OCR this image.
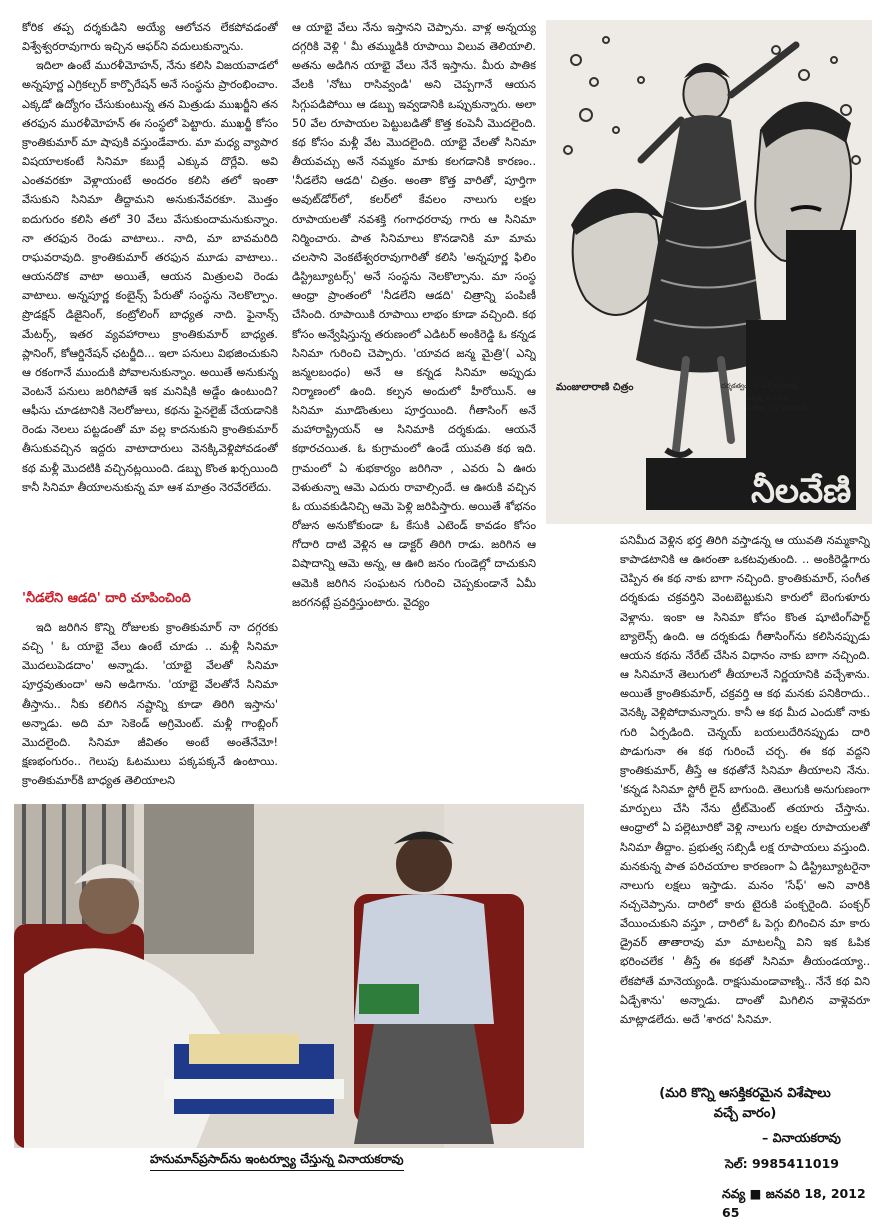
కోరిక తప్ప దర్శకుడిని అయ్యే ఆలోచన లేకపోవడంతో విశ్వేశ్వరరావుగారు ఇచ్చిన ఆఫర్‌ని వదులుకున్నాను.

ఇదిలా ఉంటే మురళీమోహన్, నేను కలిసి విజయవాడలో అన్నపూర్ణ ఎగ్రికల్చర్ కార్పొరేషన్ అనే సంస్థను ప్రారంభించాం. ఎక్కడో ఉద్యోగం చేసుకుంటున్న తన మిత్రుడు ముఖర్జీని తన తరఫున మురళీమోహన్ ఈ సంస్థలో పెట్టారు. ముఖర్జీ కోసం క్రాంతికుమార్ మా షాపుకి వస్తుండేవారు. మా మధ్య వ్యాపార విషయాలకంటే సినిమా కబుర్లే ఎక్కువ దొర్లేవి. అవి ఎంతవరకూ వెళ్లాయంటే అందరం కలిసి తలో ఇంతా వేసుకుని సినిమా తీద్దామని అనుకునేవరకూ. మొత్తం ఐదుగురం కలిసి తలో 30 వేలు వేసుకుందామనుకున్నాం. నా తరఫున రెండు వాటాలు.. నాది, మా బావమరిది రాఘవరావుది. క్రాంతికుమార్ తరఫున మూడు వాటాలు.. ఆయనదొక వాటా అయితే, ఆయన మిత్రులవి రెండు వాటాలు. అన్నపూర్ణ కంబైన్స్ పేరుతో సంస్థను నెలకొల్పాం. ప్రొడక్షన్ డిజైనింగ్, కంట్రోలింగ్ బాధ్యత నాది. ఫైనాన్స్ మేటర్స్, ఇతర వ్యవహారాలు క్రాంతికుమార్ బాధ్యత. ప్లానింగ్, కోఆర్డినేషన్ ఛటర్జీది... ఇలా పనులు విభజించుకుని ఆ రకంగానే ముందుకి పోవాలనుకున్నాం. అయితే అనుకున్న వెంటనే పనులు జరిగిపోతే ఇక మనిషికి అడ్డేం ఉంటుంది? ఆఫీసు చూడటానికి నెలరోజులు, కథను ఫైనలైజ్ చేయడానికి రెండు నెలలు పట్టడంతో మా వల్ల కాదనుకుని క్రాంతికుమార్ తీసుకువచ్చిన ఇద్దరు వాటాదారులు వెనక్కివెళ్లిపోవడంతో కథ మళ్లీ మొదటికి వచ్చినట్లయింది. డబ్బు కొంత ఖర్చయింది కానీ సినిమా తీయాలనుకున్న మా ఆశ మాత్రం నెరవేరలేదు.

'నీడలేని ఆడది' దారి చూపించింది

ఇది జరిగిన కొన్ని రోజులకు క్రాంతికుమార్ నా దగ్గరకు వచ్చి ' ఓ యాభై వేలు ఉంటే చూడు .. మళ్లీ సినిమా మొదలుపెడదాం' అన్నాడు. 'యాభై వేలతో సినిమా పూర్తవుతుందా' అని అడిగాను. 'యాభై వేలతోనే సినిమా తీస్తాను.. నీకు కలిగిన నష్టాన్ని కూడా తిరిగి ఇస్తాను' అన్నాడు. అది మా సెకెండ్ అగ్రిమెంట్. మళ్లీ గాంబ్లింగ్ మొదలైంది. సినిమా జీవితం అంటే అంతేనేమో! క్షణభంగురం.. గెలుపు ఓటములు పక్కపక్కనే ఉంటాయి. క్రాంతికుమార్‌కి బాధ్యత తెలియాలని

ఆ యాభై వేలు నేను ఇస్తానని చెప్పాను. వాళ్ల అన్నయ్య దగ్గరికి వెళ్లి ' మీ తమ్ముడికి రూపాయి విలువ తెలియాలి. అతను అడిగిన యాభై వేలు నేనే ఇస్తాను. మీరు పాతిక వేలకి 'నోటు రాసివ్వండి' అని చెప్పగానే ఆయన సిగ్గుపడిపోయి ఆ డబ్బు ఇవ్వడానికి ఒప్పుకున్నారు. అలా 50 వేల రూపాయల పెట్టుబడితో కొత్త కంపెనీ మొదలైంది. కథ కోసం మళ్లీ వేట మొదలైంది. యాభై వేలతో సినిమా తీయవచ్చు అనే నమ్మకం మాకు కలగడానికి కారణం.. 'నీడలేని ఆడది' చిత్రం. అంతా కొత్త వారితో, పూర్తిగా అవుట్‌డోర్‌లో, కలర్‌లో కేవలం నాలుగు లక్షల రూపాయలతో నవశక్తి గంగాధరరావు గారు ఆ సినిమా నిర్మించారు. పాత సినిమాలు కొనడానికి మా మామ చలసాని వెంకటేశ్వరరావుగారితో కలిసి 'అన్నపూర్ణ ఫిలిం డిస్ట్రిబ్యూటర్స్' అనే సంస్థను నెలకొల్పాను. మా సంస్థ ఆంధ్రా ప్రాంతంలో 'నీడలేని ఆడది' చిత్రాన్ని పంపిణీ చేసింది. రూపాయికి రూపాయి లాభం కూడా వచ్చింది. కథ కోసం అన్వేషిస్తున్న తరుణంలో ఎడిటర్ అంకిరెడ్డి ఓ కన్నడ సినిమా గురించి చెప్పారు. 'యావద జన్మ మైత్రి'( ఎన్ని జన్మలబంధం) అనే ఆ కన్నడ సినిమా అప్పుడు నిర్మాణంలో ఉంది. కల్పన అందులో హీరోయిన్. ఆ సినిమా మూడొంతులు పూర్తయింది. గీతాసింగ్ అనే మహారాష్ట్రియన్ ఆ సినిమాకి దర్శకుడు. ఆయనే కథారచయిత. ఓ కుగ్రామంలో ఉండే యువతి కథ ఇది. గ్రామంలో ఏ శుభకార్యం జరిగినా , ఎవరు ఏ ఊరు వెళుతున్నా ఆమె ఎదురు రావాల్సిందే. ఆ ఊరుకి వచ్చిన ఓ యువకుడినిచ్చి ఆమె పెళ్లి జరిపిస్తారు. అయితే శోభనం రోజున అనుకోకుండా ఓ కేసుకి ఎటెండ్ కావడం కోసం గోదారి దాటి వెళ్లిన ఆ డాక్టర్ తిరిగి రాడు. జరిగిన ఆ విషాదాన్ని ఆమె అన్న, ఆ ఊరి జనం గుండెల్లో దాచుకుని ఆమెకి జరిగిన సంఘటన గురించి చెప్పకుండానే ఏమీ జరగనట్లే ప్రవర్తిస్తుంటారు. వైద్యం

నీలవేణి
మంజులారాణి చిత్రం	దర్శకత్వం: U. విశ్వేశ్వరరావు
ఉత్పత్తి: C.S.రావు
సంగీతం: K.V. మహాదేవన్

పనిమీద వెళ్లిన భర్త తిరిగి వస్తాడన్న ఆ యువతి నమ్మకాన్ని కాపాడటానికి ఆ ఊరంతా ఒకటవుతుంది. .. అంకిరెడ్డిగారు చెప్పిన ఈ కథ నాకు బాగా నచ్చింది. క్రాంతికుమార్, సంగీత దర్శకుడు చక్రవర్తిని వెంటబెట్టుకుని కారులో బెంగుళూరు వెళ్లాను. ఇంకా ఆ సినిమా కోసం కొంత షూటింగ్‌పార్ట్ బ్యాలెన్స్ ఉంది. ఆ దర్శకుడు గీతాసింగ్‌ను కలిసినప్పుడు ఆయన కథను నేరేట్ చేసిన విధానం నాకు బాగా నచ్చింది. ఆ సినిమానే తెలుగులో తీయాలనే నిర్ణయానికి వచ్చేశాను. అయితే క్రాంతికుమార్, చక్రవర్తి ఆ కథ మనకు పనికిరాదు.. వెనక్కి వెళ్లిపోదామన్నారు. కానీ ఆ కథ మీద ఎందుకో నాకు గురి ఏర్పడింది. చెన్నయ్ బయలుదేరినప్పుడు దారి పొడుగునా ఈ కథ గురించే చర్చ. ఈ కథ వద్దని క్రాంతికుమార్, తీస్తే ఆ కథతోనే సినిమా తీయాలని నేను. 'కన్నడ సినిమా స్టోరీ లైన్ బాగుంది. తెలుగుకి అనుగుణంగా మార్పులు చేసి నేను ట్రీట్‌మెంట్ తయారు చేస్తాను. ఆంధ్రాలో ఏ పల్లెటూరికో వెళ్లి నాలుగు లక్షల రూపాయలతో సినిమా తీద్దాం. ప్రభుత్వ సబ్సిడీ లక్ష రూపాయలు వస్తుంది. మనకున్న పాత పరిచయాల కారణంగా ఏ డిస్ట్రిబ్యూటరైనా నాలుగు లక్షలు ఇస్తాడు. మనం 'సేఫ్' అని వారికి నచ్చచెప్పాను. దారిలో కారు టైరుకి పంక్చరైంది. పంక్చర్ వేయించుకుని వస్తూ , దారిలో ఓ పెగ్గు బిగించిన మా కారు డ్రైవర్ తాతారావు మా మాటలన్నీ విని ఇక ఓపిక భరించలేక ' తీస్తే ఈ కథతో సినిమా తీయండయ్యా.. లేకపోతే మానెయ్యండి. రాక్షసుమండావాణ్ని.. నేనే కథ విని ఏడ్చేశాను' అన్నాడు. దాంతో మిగిలిన వాళ్లెవరూ మాట్లాడలేదు. అదే 'శారద' సినిమా.

హనుమాన్‌ప్రసాద్‌ను ఇంటర్వ్యూ చేస్తున్న వినాయకరావు
(మరి కొన్ని ఆసక్తికరమైన విశేషాలు
వచ్చే వారం)
– వినాయకరావు
సెల్: 9985411019
నవ్య ■ జనవరి 18, 2012 65
